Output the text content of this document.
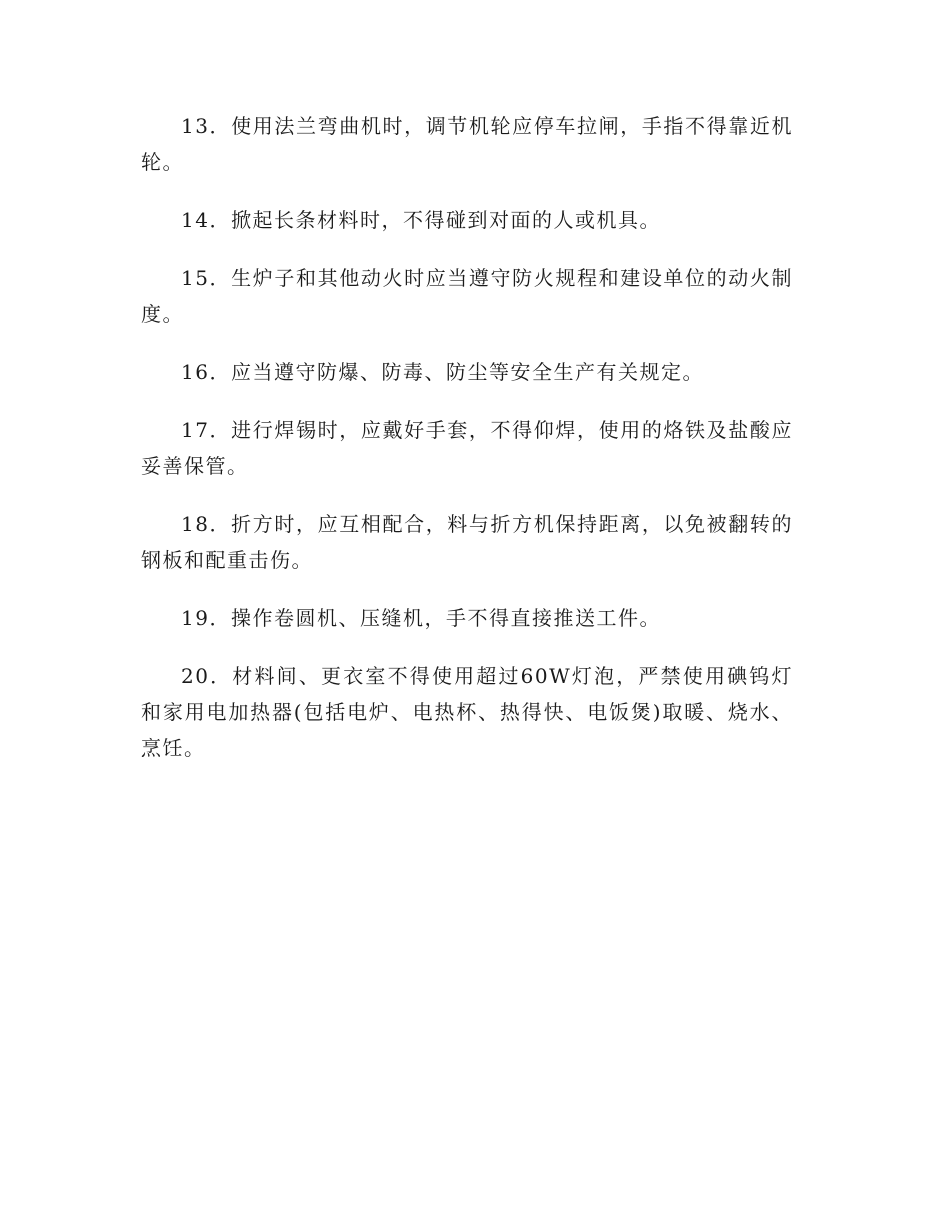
13．使用法兰弯曲机时，调节机轮应停车拉闸，手指不得靠近机轮。

14．掀起长条材料时，不得碰到对面的人或机具。

15．生炉子和其他动火时应当遵守防火规程和建设单位的动火制度。

16．应当遵守防爆、防毒、防尘等安全生产有关规定。

17．进行焊锡时，应戴好手套，不得仰焊，使用的烙铁及盐酸应妥善保管。

18．折方时，应互相配合，料与折方机保持距离，以免被翻转的钢板和配重击伤。

19．操作卷圆机、压缝机，手不得直接推送工件。

20．材料间、更衣室不得使用超过60W灯泡，严禁使用碘钨灯和家用电加热器(包括电炉、电热杯、热得快、电饭煲)取暖、烧水、烹饪。
